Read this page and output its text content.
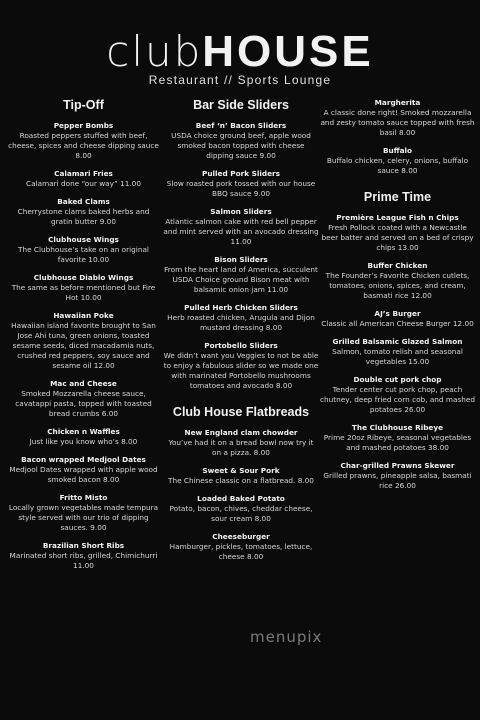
clubHOUSE
Restaurant // Sports Lounge
Tip-Off
Pepper Bombs
Roasted peppers stuffed with beef, cheese, spices and cheese dipping sauce 8.00
Calamari Fries
Calamari done “our way” 11.00
Baked Clams
Cherrystone clams baked herbs and gratin butter 9.00
Clubhouse Wings
The Clubhouse’s take on an original favorite 10.00
Clubhouse Diablo Wings
The same as before mentioned but Fire Hot 10.00
Hawaiian Poke
Hawaiian island favorite brought to San Jose Ahi tuna, green onions, toasted sesame seeds, diced macadamia nuts, crushed red peppers, soy sauce and sesame oil 12.00
Mac and Cheese
Smoked Mozzarella cheese sauce, cavatappi pasta, topped with toasted bread crumbs 6.00
Chicken n Waffles
Just like you know who’s 8.00
Bacon wrapped Medjool Dates
Medjool Dates wrapped with apple wood smoked bacon 8.00
Fritto Misto
Locally grown vegetables made tempura style served with our trio of dipping sauces. 9.00
Brazilian Short Ribs
Marinated short ribs, grilled, Chimichurri 11.00
Bar Side Sliders
Beef ‘n’ Bacon Sliders
USDA choice ground beef, apple wood smoked bacon topped with cheese dipping sauce 9.00
Pulled Pork Sliders
Slow roasted pork tossed with our house BBQ sauce 9.00
Salmon Sliders
Atlantic salmon cake with red bell pepper and mint served with an avocado dressing 11.00
Bison Sliders
From the heart land of America, succulent USDA Choice ground Bison meat with balsamic onion jam 11.00
Pulled Herb Chicken Sliders
Herb roasted chicken, Arugula and Dijon mustard dressing 8.00
Portobello Sliders
We didn’t want you Veggies to not be able to enjoy a fabulous slider so we made one with marinated Portobello mushrooms tomatoes and avocado 8.00
Club House Flatbreads
New England clam chowder
You’ve had it on a bread bowl now try it on a pizza. 8.00
Sweet & Sour Pork
The Chinese classic on a flatbread. 8.00
Loaded Baked Potato
Potato, bacon, chives, cheddar cheese, sour cream 8.00
Cheeseburger
Hamburger, pickles, tomatoes, lettuce, cheese 8.00
Margherita
A classic done right! Smoked mozzarella and zesty tomato sauce topped with fresh basil 8.00
Buffalo
Buffalo chicken, celery, onions, buffalo sauce 8.00
Prime Time
Première League Fish n Chips
Fresh Pollock coated with a Newcastle beer batter and served on a bed of crispy chips 13.00
Buffer Chicken
The Founder’s Favorite Chicken cutlets, tomatoes, onions, spices, and cream, basmati rice 12.00
AJ’s Burger
Classic all American Cheese Burger 12.00
Grilled Balsamic Glazed Salmon
Salmon, tomato relish and seasonal vegetables 15.00
Double cut pork chop
Tender center cut pork chop, peach chutney, deep fried corn cob, and mashed potatoes 26.00
The Clubhouse Ribeye
Prime 20oz Ribeye, seasonal vegetables and mashed potatoes 38.00
Char-grilled Prawns Skewer
Grilled prawns, pineapple salsa, basmati rice 26.00
menupix
